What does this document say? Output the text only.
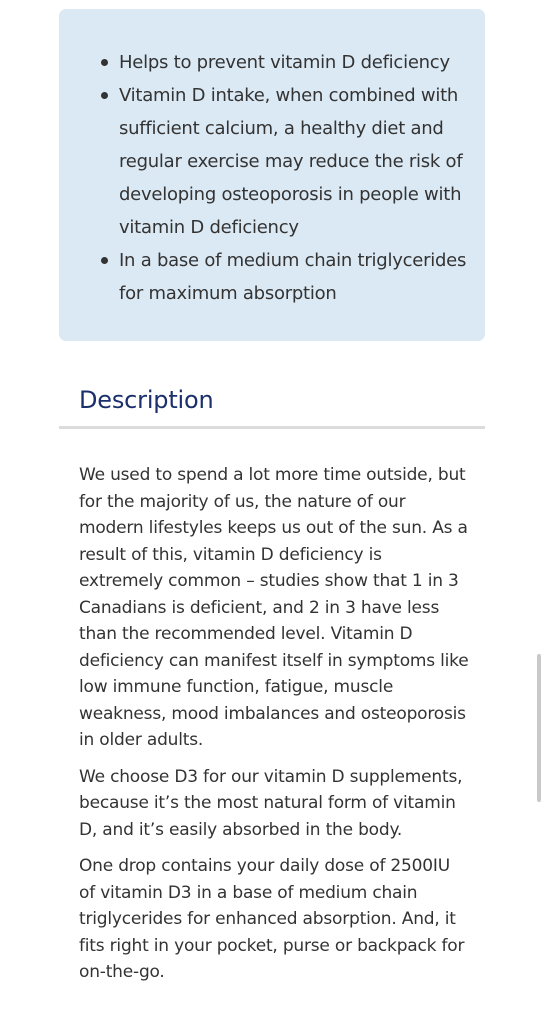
Helps to prevent vitamin D deficiency
Vitamin D intake, when combined with sufficient calcium, a healthy diet and regular exercise may reduce the risk of developing osteoporosis in people with vitamin D deficiency
In a base of medium chain triglycerides for maximum absorption
Description

We used to spend a lot more time outside, but for the majority of us, the nature of our modern lifestyles keeps us out of the sun. As a result of this, vitamin D deficiency is extremely common – studies show that 1 in 3 Canadians is deficient, and 2 in 3 have less than the recommended level. Vitamin D deficiency can manifest itself in symptoms like low immune function, fatigue, muscle weakness, mood imbalances and osteoporosis in older adults.

We choose D3 for our vitamin D supplements, because it’s the most natural form of vitamin D, and it’s easily absorbed in the body.

One drop contains your daily dose of 2500IU of vitamin D3 in a base of medium chain triglycerides for enhanced absorption. And, it fits right in your pocket, purse or backpack for on-the-go.
